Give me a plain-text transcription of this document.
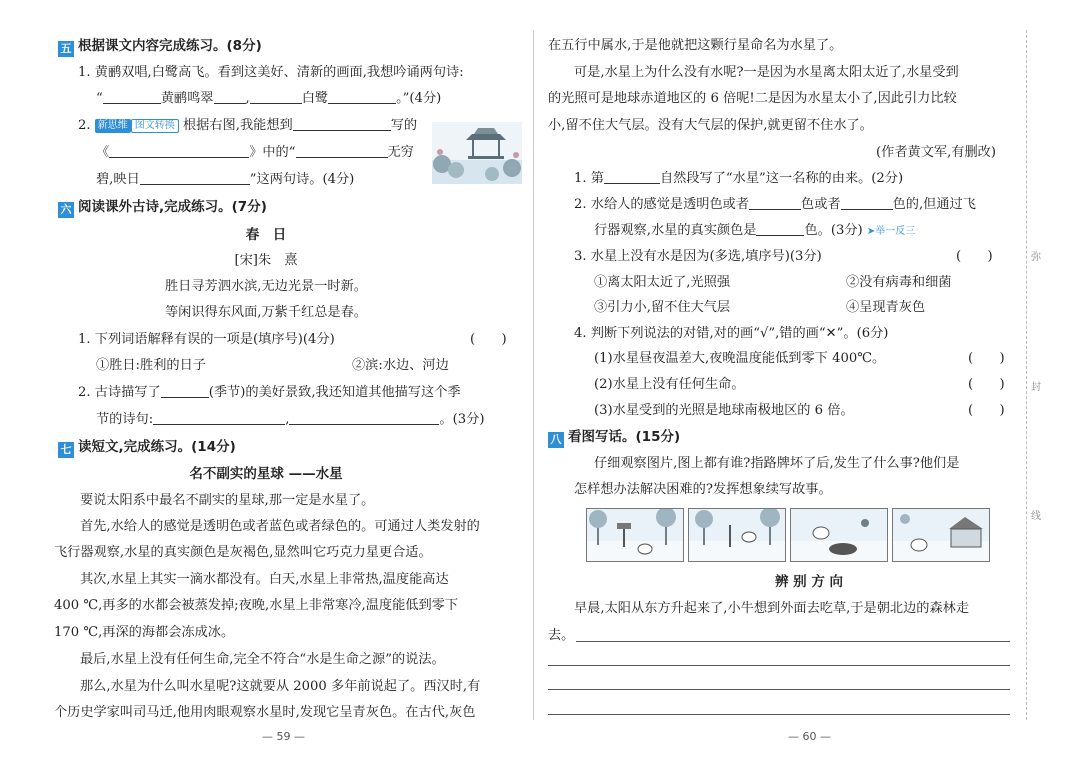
五 根据课文内容完成练习。(8分)
1. 黄鹂双唱,白鹭高飞。看到这美好、清新的画面,我想吟诵两句诗:
“	黄鹂鸣翠 ,	白鹭	。”(4分)
2. 新思维 图文转换 根据右图,我能想到	写的
《	》中的“	无穷
碧,映日	”这两句诗。(4分)
六 阅读课外古诗,完成练习。(7分)
春　日
[宋]朱　熹
胜日寻芳泗水滨,无边光景一时新。
等闲识得东风面,万紫千红总是春。
1. 下列词语解释有误的一项是(填序号)(4分)	(　　)
①胜日:胜利的日子	②滨:水边、河边
2. 古诗描写了	(季节)的美好景致,我还知道其他描写这个季
节的诗句:	,	。(3分)
七 读短文,完成练习。(14分)
名不副实的星球 ——水星
要说太阳系中最名不副实的星球,那一定是水星了。
首先,水给人的感觉是透明色或者蓝色或者绿色的。可通过人类发射的
飞行器观察,水星的真实颜色是灰褐色,显然叫它巧克力星更合适。
其次,水星上其实一滴水都没有。白天,水星上非常热,温度能高达
400 ℃,再多的水都会被蒸发掉;夜晚,水星上非常寒冷,温度能低到零下
170 ℃,再深的海都会冻成冰。
最后,水星上没有任何生命,完全不符合“水是生命之源”的说法。
那么,水星为什么叫水星呢?这就要从 2000 多年前说起了。西汉时,有
个历史学家叫司马迁,他用肉眼观察水星时,发现它呈青灰色。在古代,灰色
— 59 —
在五行中属水,于是他就把这颗行星命名为水星了。
可是,水星上为什么没有水呢?一是因为水星离太阳太近了,水星受到
的光照可是地球赤道地区的 6 倍呢!二是因为水星太小了,因此引力比较
小,留不住大气层。没有大气层的保护,就更留不住水了。
(作者黄文军,有删改)
1. 第	自然段写了“水星”这一名称的由来。(2分)
2. 水给人的感觉是透明色或者	色或者	色的,但通过飞
行器观察,水星的真实颜色是	色。(3分) ➤举一反三
3. 水星上没有水是因为(多选,填序号)(3分)	(　　)
①离太阳太近了,光照强	②没有病毒和细菌
③引力小,留不住大气层	④呈现青灰色
4. 判断下列说法的对错,对的画“√”,错的画“✕”。(6分)
(1)水星昼夜温差大,夜晚温度能低到零下 400℃。	(　　)
(2)水星上没有任何生命。	(　　)
(3)水星受到的光照是地球南极地区的 6 倍。	(　　)
八 看图写话。(15分)
仔细观察图片,图上都有谁?指路牌坏了后,发生了什么事?他们是
怎样想办法解决困难的?发挥想象续写故事。
辨 别 方 向
早晨,太阳从东方升起来了,小牛想到外面去吃草,于是朝北边的森林走
去。
— 60 —
弥
封
线
